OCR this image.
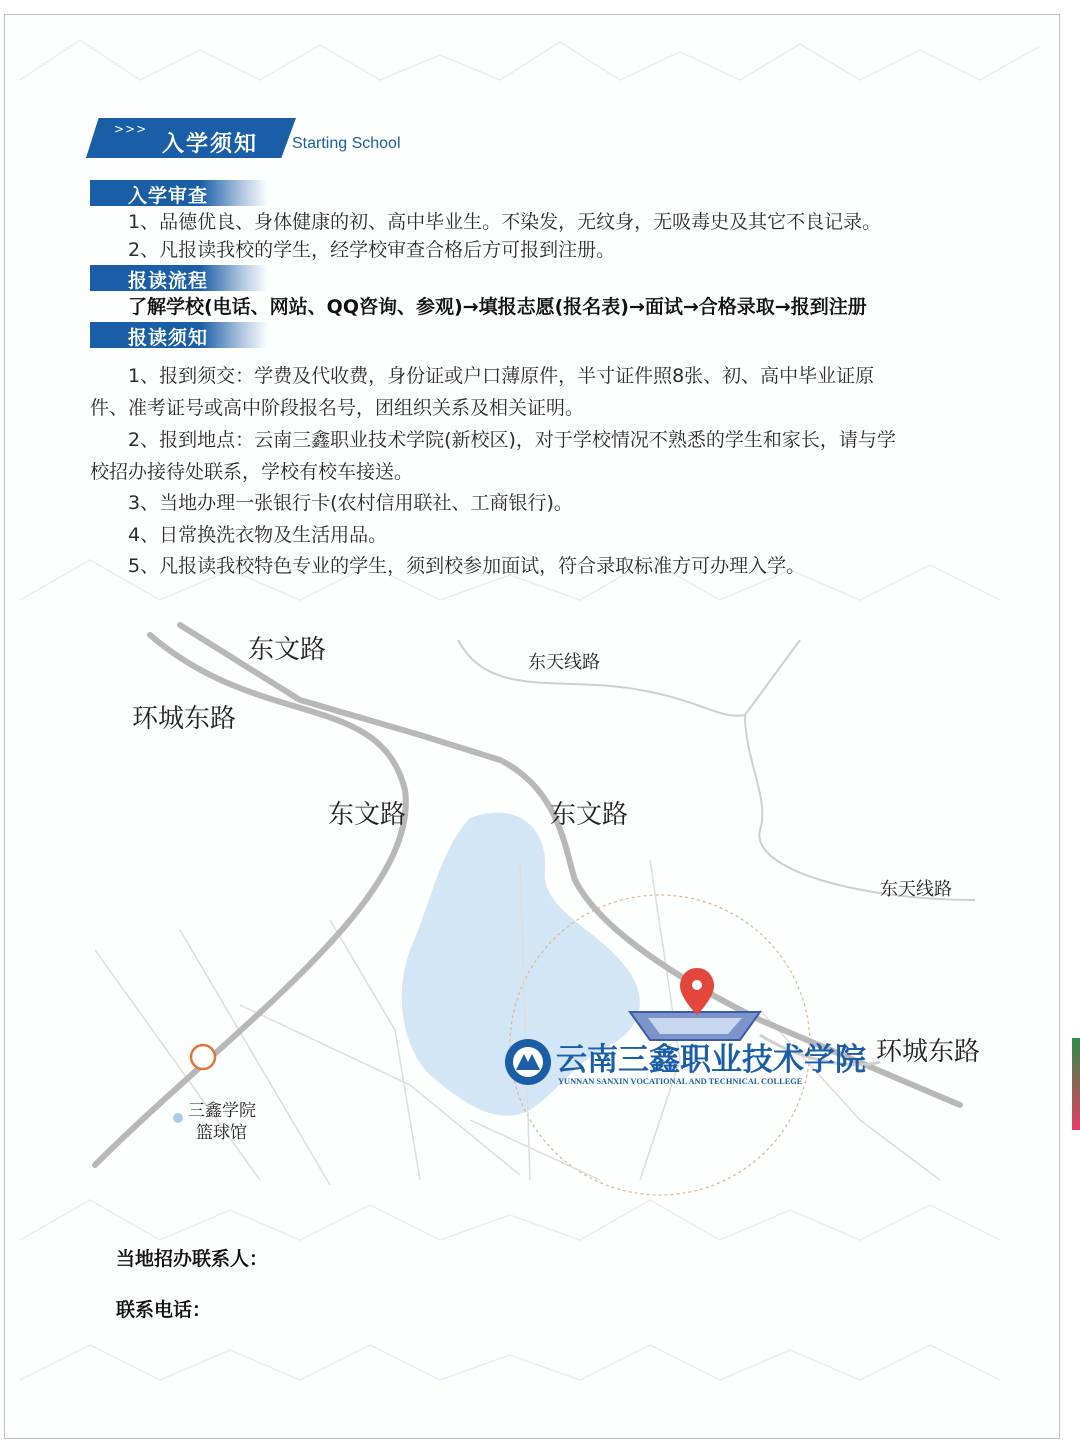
>>>
入学须知 Starting School
入学审查
1、品德优良、身体健康的初、高中毕业生。不染发，无纹身，无吸毒史及其它不良记录。
2、凡报读我校的学生，经学校审查合格后方可报到注册。
报读流程
了解学校(电话、网站、QQ咨询、参观)→填报志愿(报名表)→面试→合格录取→报到注册
报读须知
1、报到须交：学费及代收费，身份证或户口薄原件，半寸证件照8张、初、高中毕业证原
件、准考证号或高中阶段报名号，团组织关系及相关证明。
2、报到地点：云南三鑫职业技术学院(新校区)，对于学校情况不熟悉的学生和家长，请与学
校招办接待处联系，学校有校车接送。
3、当地办理一张银行卡(农村信用联社、工商银行)。
4、日常换洗衣物及生活用品。
5、凡报读我校特色专业的学生，须到校参加面试，符合录取标准方可办理入学。
云南三鑫职业技术学院
YUNNAN SANXIN VOCATIONAL AND TECHNICAL COLLEGE
东文路
环城东路
东文路	东文路
东天线路
东天线路
环城东路
三鑫学院
篮球馆
当地招办联系人：
联系电话：
